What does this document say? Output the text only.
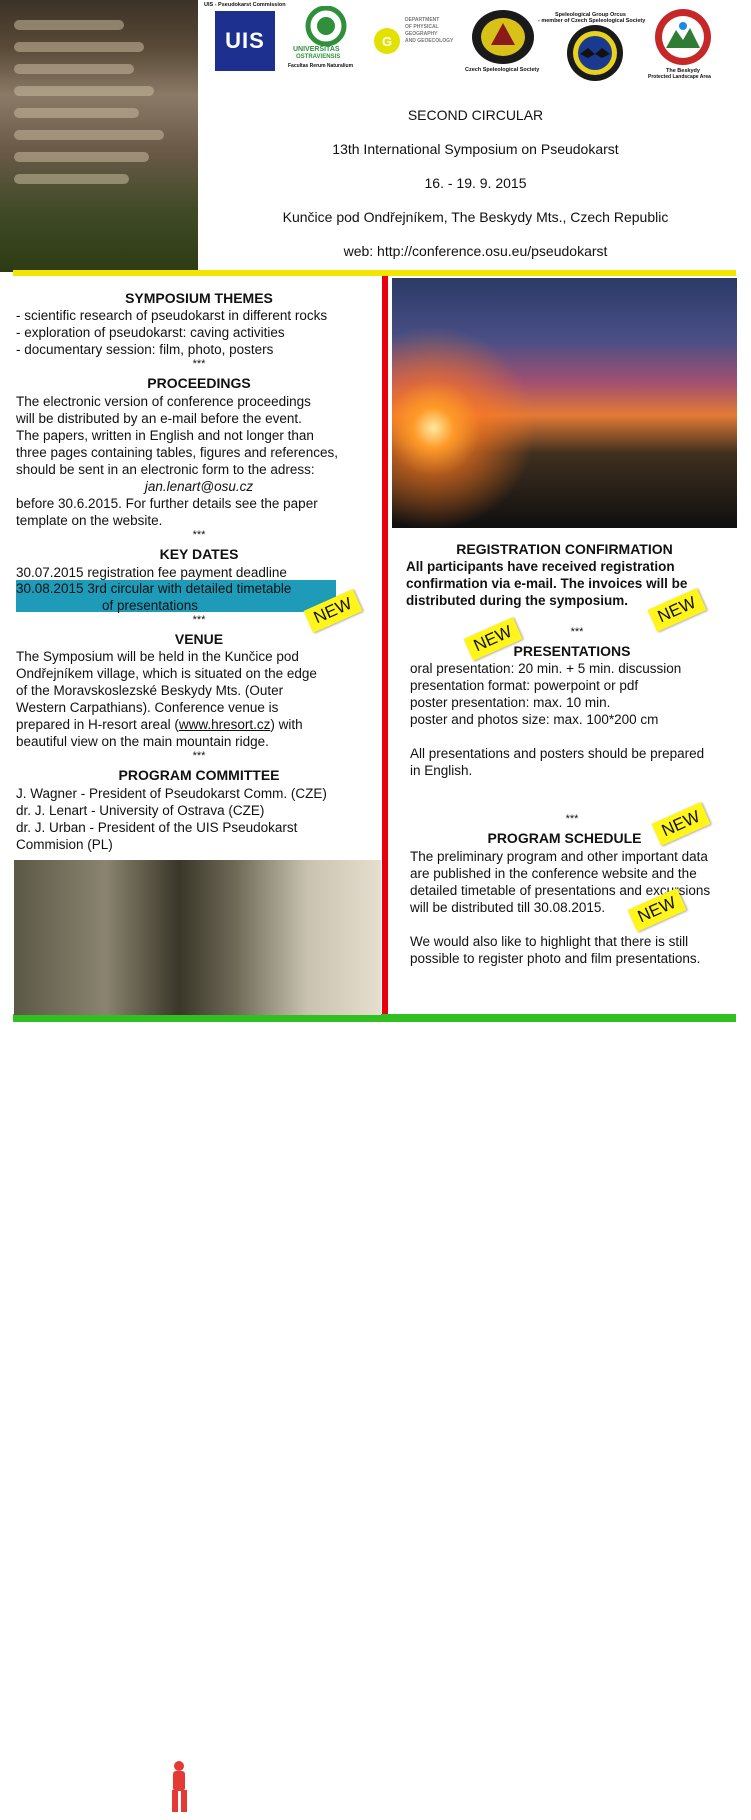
UIS - Pseudokarst Commission
UIS	UNIVERSITAS
OSTRAVIENSIS
Facultas Rerum Naturalium
G
DEPARTMENT
OF PHYSICAL
GEOGRAPHY
AND GEOECOLOGY
Czech Speleological Society
Speleological Group Orcus
- member of Czech Speleological Society
The Beskydy
Protected Landscape Area
SECOND CIRCULAR
13th International Symposium on Pseudokarst
16. - 19. 9. 2015
Kunčice pod Ondřejníkem, The Beskydy Mts., Czech Republic
web: http://conference.osu.eu/pseudokarst
SYMPOSIUM THEMES
- scientific research of pseudokarst in different rocks
- exploration of pseudokarst: caving activities
- documentary session: film, photo, posters
***
PROCEEDINGS
The electronic version of conference proceedings
will be distributed by an e-mail before the event.
The papers, written in English and not longer than
three pages containing tables, figures and references,
should be sent in an electronic form to the adress:
jan.lenart@osu.cz
before 30.6.2015. For further details see the paper
template on the website.
***
KEY DATES
30.07.2015 registration fee payment deadline
30.08.2015 3rd circular with detailed timetable
of presentations
***
VENUE
The Symposium will be held in the Kunčice pod
Ondřejníkem village, which is situated on the edge
of the Moravskoslezské Beskydy Mts. (Outer
Western Carpathians). Conference venue is
prepared in H-resort areal (www.hresort.cz) with
beautiful view on the main mountain ridge.
***
PROGRAM COMMITTEE
J. Wagner - President of Pseudokarst Comm. (CZE)
dr. J. Lenart - University of Ostrava (CZE)
dr. J. Urban - President of the UIS Pseudokarst
Commision (PL)
REGISTRATION CONFIRMATION
All participants have received registration
confirmation via e-mail. The invoices will be
distributed during the symposium.
***
PRESENTATIONS
oral presentation: 20 min. + 5 min. discussion
presentation format: powerpoint or pdf
poster presentation: max. 10 min.
poster and photos size: max. 100*200 cm
All presentations and posters should be prepared
in English.
***
PROGRAM SCHEDULE
The preliminary program and other important data
are published in the conference website and the
detailed timetable of presentations and excursions
will be distributed till 30.08.2015.
We would also like to highlight that there is still
possible to register photo and film presentations.
NEW
NEW
NEW
NEW
NEW
